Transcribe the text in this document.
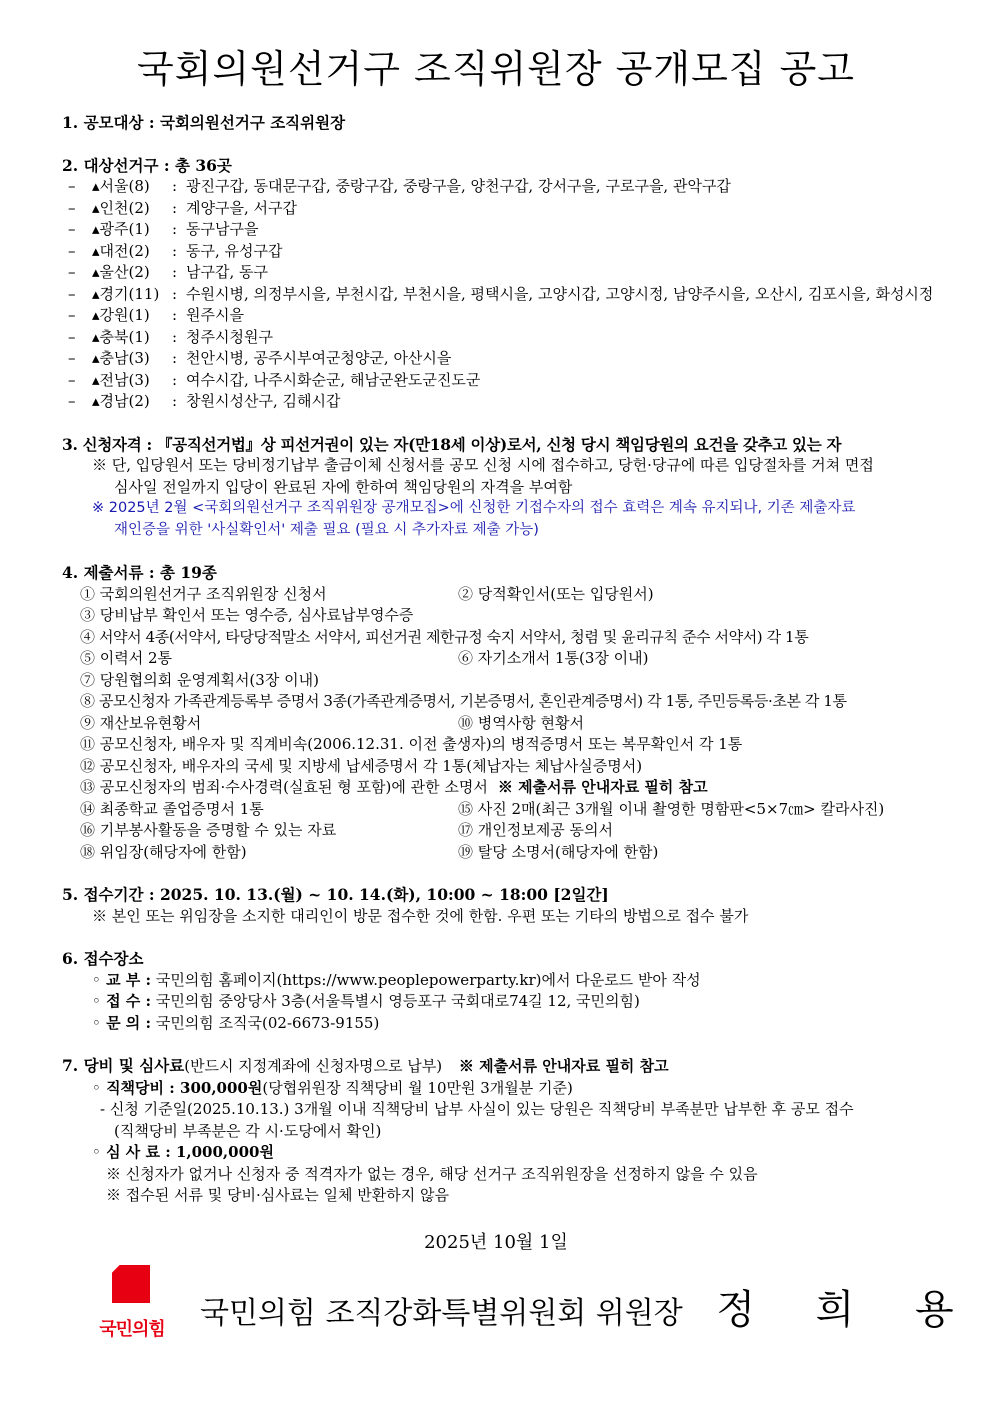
국회의원선거구 조직위원장 공개모집 공고
1. 공모대상 : 국회의원선거구 조직위원장
2. 대상선거구 : 총 36곳
–	▴서울(8)	: 광진구갑, 동대문구갑, 중랑구갑, 중랑구을, 양천구갑, 강서구을, 구로구을, 관악구갑
–	▴인천(2)	: 계양구을, 서구갑
–	▴광주(1)	: 동구남구을
–	▴대전(2)	: 동구, 유성구갑
–	▴울산(2)	: 남구갑, 동구
–	▴경기(11) : 수원시병, 의정부시을, 부천시갑, 부천시을, 평택시을, 고양시갑, 고양시정, 남양주시을, 오산시, 김포시을, 화성시정
–	▴강원(1)	: 원주시을
–	▴충북(1)	: 청주시청원구
–	▴충남(3)	: 천안시병, 공주시부여군청양군, 아산시을
–	▴전남(3)	: 여수시갑, 나주시화순군, 해남군완도군진도군
–	▴경남(2)	: 창원시성산구, 김해시갑
3. 신청자격 : 『공직선거법』상 피선거권이 있는 자(만18세 이상)로서, 신청 당시 책임당원의 요건을 갖추고 있는 자
※ 단, 입당원서 또는 당비정기납부 출금이체 신청서를 공모 신청 시에 접수하고, 당헌·당규에 따른 입당절차를 거쳐 면접
심사일 전일까지 입당이 완료된 자에 한하여 책임당원의 자격을 부여함
※ 2025년 2월 <국회의원선거구 조직위원장 공개모집>에 신청한 기접수자의 접수 효력은 계속 유지되나, 기존 제출자료
재인증을 위한 '사실확인서' 제출 필요 (필요 시 추가자료 제출 가능)
4. 제출서류 : 총 19종
① 국회의원선거구 조직위원장 신청서	② 당적확인서(또는 입당원서)
③ 당비납부 확인서 또는 영수증, 심사료납부영수증
④ 서약서 4종(서약서, 타당당적말소 서약서, 피선거권 제한규정 숙지 서약서, 청렴 및 윤리규칙 준수 서약서) 각 1통
⑤ 이력서 2통	⑥ 자기소개서 1통(3장 이내)
⑦ 당원협의회 운영계획서(3장 이내)
⑧ 공모신청자 가족관계등록부 증명서 3종(가족관계증명서, 기본증명서, 혼인관계증명서) 각 1통, 주민등록등·초본 각 1통
⑨ 재산보유현황서	⑩ 병역사항 현황서
⑪ 공모신청자, 배우자 및 직계비속(2006.12.31. 이전 출생자)의 병적증명서 또는 복무확인서 각 1통
⑫ 공모신청자, 배우자의 국세 및 지방세 납세증명서 각 1통(체납자는 체납사실증명서)
⑬ 공모신청자의 범죄·수사경력(실효된 형 포함)에 관한 소명서 ※ 제출서류 안내자료 필히 참고
⑭ 최종학교 졸업증명서 1통	⑮ 사진 2매(최근 3개월 이내 촬영한 명함판<5×7㎝> 칼라사진)
⑯ 기부봉사활동을 증명할 수 있는 자료	⑰ 개인정보제공 동의서
⑱ 위임장(해당자에 한함)	⑲ 탈당 소명서(해당자에 한함)
5. 접수기간 : 2025. 10. 13.(월) ~ 10. 14.(화), 10:00 ~ 18:00 [2일간]
※ 본인 또는 위임장을 소지한 대리인이 방문 접수한 것에 한함. 우편 또는 기타의 방법으로 접수 불가
6. 접수장소
◦ 교 부 : 국민의힘 홈페이지(https://www.peoplepowerparty.kr)에서 다운로드 받아 작성
◦ 접 수 : 국민의힘 중앙당사 3층(서울특별시 영등포구 국회대로74길 12, 국민의힘)
◦ 문 의 : 국민의힘 조직국(02-6673-9155)
7. 당비 및 심사료(반드시 지정계좌에 신청자명으로 납부) ※ 제출서류 안내자료 필히 참고
◦ 직책당비 : 300,000원(당협위원장 직책당비 월 10만원 3개월분 기준)
- 신청 기준일(2025.10.13.) 3개월 이내 직책당비 납부 사실이 있는 당원은 직책당비 부족분만 납부한 후 공모 접수
(직책당비 부족분은 각 시·도당에서 확인)
◦ 심 사 료 : 1,000,000원
※ 신청자가 없거나 신청자 중 적격자가 없는 경우, 해당 선거구 조직위원장을 선정하지 않을 수 있음
※ 접수된 서류 및 당비·심사료는 일체 반환하지 않음
2025년 10월 1일
국민의힘	국민의힘 조직강화특별위원회 위원장 정 희 용
